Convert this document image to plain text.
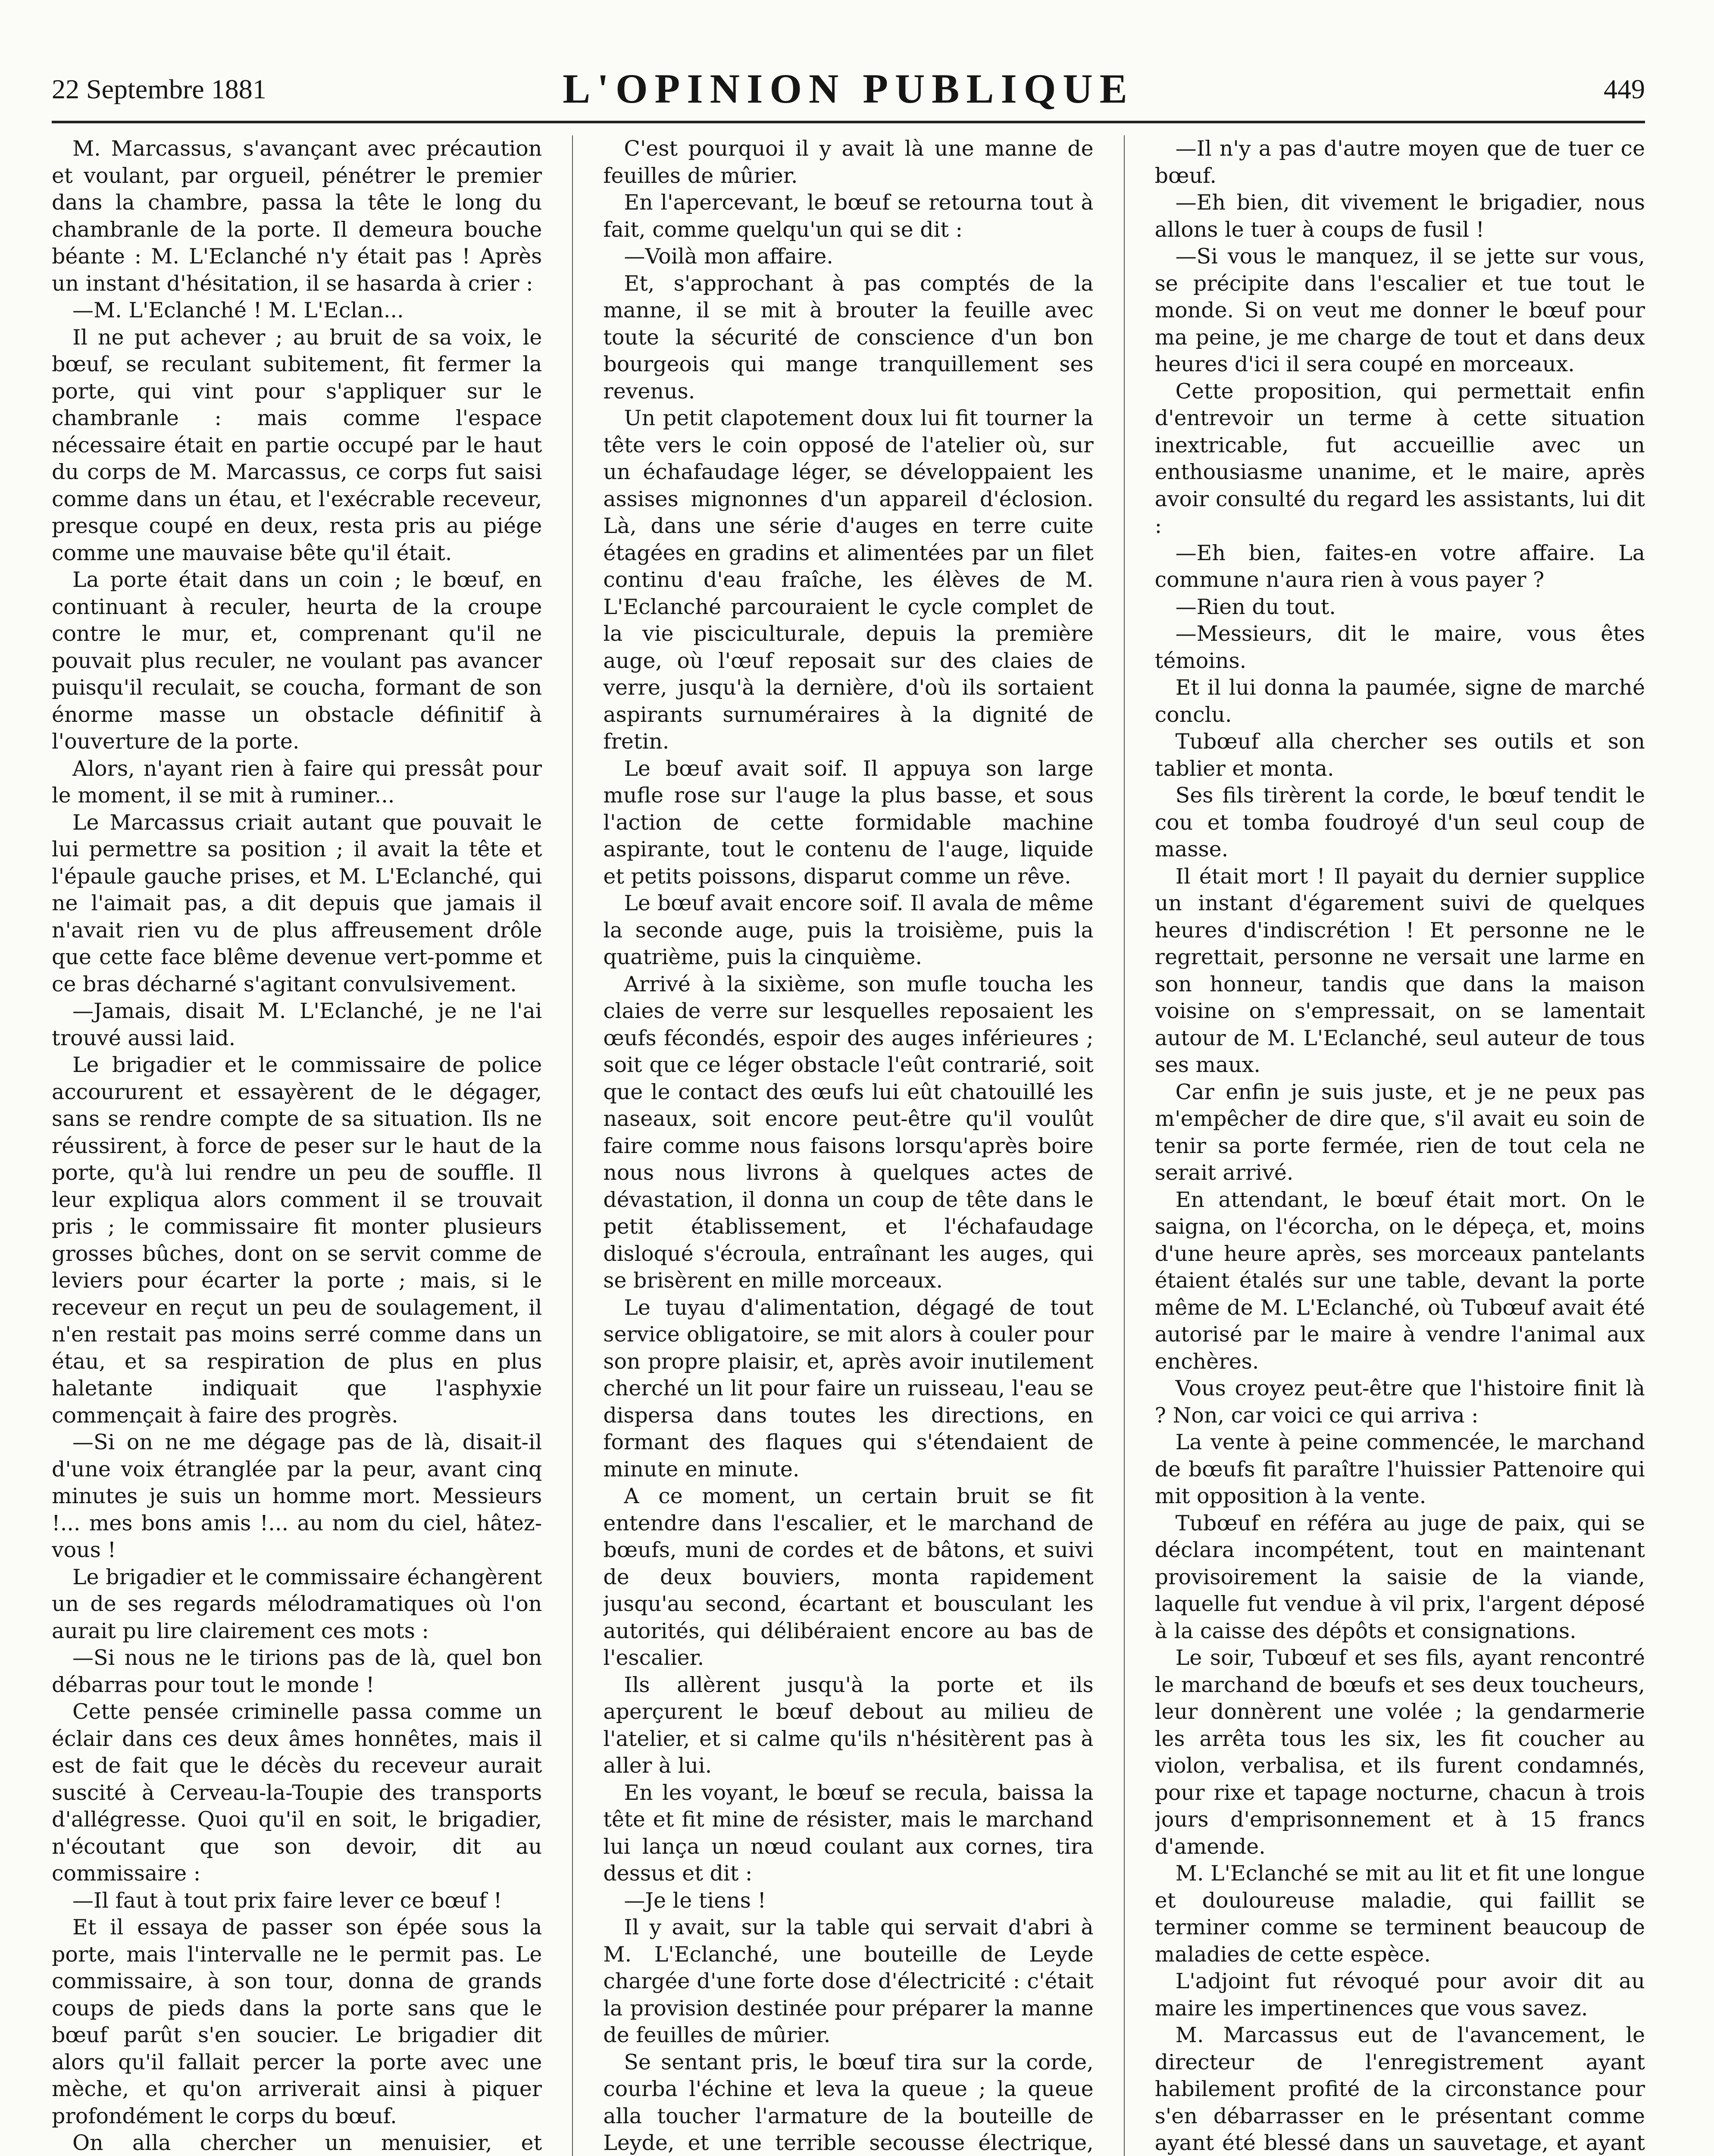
22 Septembre 1881	L'OPINION PUBLIQUE	449

M. Marcassus, s'avançant avec précaution et voulant, par orgueil, pénétrer le premier dans la chambre, passa la tête le long du chambranle de la porte. Il demeura bouche béante : M. L'Eclanché n'y était pas ! Après un instant d'hésitation, il se hasarda à crier :

—M. L'Eclanché ! M. L'Eclan...

Il ne put achever ; au bruit de sa voix, le bœuf, se reculant subitement, fit fermer la porte, qui vint pour s'appliquer sur le chambranle : mais comme l'espace nécessaire était en partie occupé par le haut du corps de M. Marcassus, ce corps fut saisi comme dans un étau, et l'exécrable receveur, presque coupé en deux, resta pris au piége comme une mauvaise bête qu'il était.

La porte était dans un coin ; le bœuf, en continuant à reculer, heurta de la croupe contre le mur, et, comprenant qu'il ne pouvait plus reculer, ne voulant pas avancer puisqu'il reculait, se coucha, formant de son énorme masse un obstacle définitif à l'ouverture de la porte.

Alors, n'ayant rien à faire qui pressât pour le moment, il se mit à ruminer...

Le Marcassus criait autant que pouvait le lui permettre sa position ; il avait la tête et l'épaule gauche prises, et M. L'Eclanché, qui ne l'aimait pas, a dit depuis que jamais il n'avait rien vu de plus affreusement drôle que cette face blême devenue vert-pomme et ce bras décharné s'agitant convulsivement.

—Jamais, disait M. L'Eclanché, je ne l'ai trouvé aussi laid.

Le brigadier et le commissaire de police accoururent et essayèrent de le dégager, sans se rendre compte de sa situation. Ils ne réussirent, à force de peser sur le haut de la porte, qu'à lui rendre un peu de souffle. Il leur expliqua alors comment il se trouvait pris ; le commissaire fit monter plusieurs grosses bûches, dont on se servit comme de leviers pour écarter la porte ; mais, si le receveur en reçut un peu de soulagement, il n'en restait pas moins serré comme dans un étau, et sa respiration de plus en plus haletante indiquait que l'asphyxie commençait à faire des progrès.

—Si on ne me dégage pas de là, disait-il d'une voix étranglée par la peur, avant cinq minutes je suis un homme mort. Messieurs !... mes bons amis !... au nom du ciel, hâtez-vous !

Le brigadier et le commissaire échangèrent un de ses regards mélodramatiques où l'on aurait pu lire clairement ces mots :

—Si nous ne le tirions pas de là, quel bon débarras pour tout le monde !

Cette pensée criminelle passa comme un éclair dans ces deux âmes honnêtes, mais il est de fait que le décès du receveur aurait suscité à Cerveau-la-Toupie des transports d'allégresse. Quoi qu'il en soit, le brigadier, n'écoutant que son devoir, dit au commissaire :

—Il faut à tout prix faire lever ce bœuf !

Et il essaya de passer son épée sous la porte, mais l'intervalle ne le permit pas. Le commissaire, à son tour, donna de grands coups de pieds dans la porte sans que le bœuf parût s'en soucier. Le brigadier dit alors qu'il fallait percer la porte avec une mèche, et qu'on arriverait ainsi à piquer profondément le corps du bœuf.

On alla chercher un menuisier, et

C'est pourquoi il y avait là une manne de feuilles de mûrier.

En l'apercevant, le bœuf se retourna tout à fait, comme quelqu'un qui se dit :

—Voilà mon affaire.

Et, s'approchant à pas comptés de la manne, il se mit à brouter la feuille avec toute la sécurité de conscience d'un bon bourgeois qui mange tranquillement ses revenus.

Un petit clapotement doux lui fit tourner la tête vers le coin opposé de l'atelier où, sur un échafaudage léger, se développaient les assises mignonnes d'un appareil d'éclosion. Là, dans une série d'auges en terre cuite étagées en gradins et alimentées par un filet continu d'eau fraîche, les élèves de M. L'Eclanché parcouraient le cycle complet de la vie pisciculturale, depuis la première auge, où l'œuf reposait sur des claies de verre, jusqu'à la dernière, d'où ils sortaient aspirants surnuméraires à la dignité de fretin.

Le bœuf avait soif. Il appuya son large mufle rose sur l'auge la plus basse, et sous l'action de cette formidable machine aspirante, tout le contenu de l'auge, liquide et petits poissons, disparut comme un rêve.

Le bœuf avait encore soif. Il avala de même la seconde auge, puis la troisième, puis la quatrième, puis la cinquième.

Arrivé à la sixième, son mufle toucha les claies de verre sur lesquelles reposaient les œufs fécondés, espoir des auges inférieures ; soit que ce léger obstacle l'eût contrarié, soit que le contact des œufs lui eût chatouillé les naseaux, soit encore peut-être qu'il voulût faire comme nous faisons lorsqu'après boire nous nous livrons à quelques actes de dévastation, il donna un coup de tête dans le petit établissement, et l'échafaudage disloqué s'écroula, entraînant les auges, qui se brisèrent en mille morceaux.

Le tuyau d'alimentation, dégagé de tout service obligatoire, se mit alors à couler pour son propre plaisir, et, après avoir inutilement cherché un lit pour faire un ruisseau, l'eau se dispersa dans toutes les directions, en formant des flaques qui s'étendaient de minute en minute.

A ce moment, un certain bruit se fit entendre dans l'escalier, et le marchand de bœufs, muni de cordes et de bâtons, et suivi de deux bouviers, monta rapidement jusqu'au second, écartant et bousculant les autorités, qui délibéraient encore au bas de l'escalier.

Ils allèrent jusqu'à la porte et ils aperçurent le bœuf debout au milieu de l'atelier, et si calme qu'ils n'hésitèrent pas à aller à lui.

En les voyant, le bœuf se recula, baissa la tête et fit mine de résister, mais le marchand lui lança un nœud coulant aux cornes, tira dessus et dit :

—Je le tiens !

Il y avait, sur la table qui servait d'abri à M. L'Eclanché, une bouteille de Leyde chargée d'une forte dose d'électricité : c'était la provision destinée pour préparer la manne de feuilles de mûrier.

Se sentant pris, le bœuf tira sur la corde, courba l'échine et leva la queue ; la queue alla toucher l'armature de la bouteille de Leyde, et une terrible secousse électrique,

—Il n'y a pas d'autre moyen que de tuer ce bœuf.

—Eh bien, dit vivement le brigadier, nous allons le tuer à coups de fusil !

—Si vous le manquez, il se jette sur vous, se précipite dans l'escalier et tue tout le monde. Si on veut me donner le bœuf pour ma peine, je me charge de tout et dans deux heures d'ici il sera coupé en morceaux.

Cette proposition, qui permettait enfin d'entrevoir un terme à cette situation inextricable, fut accueillie avec un enthousiasme unanime, et le maire, après avoir consulté du regard les assistants, lui dit :

—Eh bien, faites-en votre affaire. La commune n'aura rien à vous payer ?

—Rien du tout.

—Messieurs, dit le maire, vous êtes témoins.

Et il lui donna la paumée, signe de marché conclu.

Tubœuf alla chercher ses outils et son tablier et monta.

Ses fils tirèrent la corde, le bœuf tendit le cou et tomba foudroyé d'un seul coup de masse.

Il était mort ! Il payait du dernier supplice un instant d'égarement suivi de quelques heures d'indiscrétion ! Et personne ne le regrettait, personne ne versait une larme en son honneur, tandis que dans la maison voisine on s'empressait, on se lamentait autour de M. L'Eclanché, seul auteur de tous ses maux.

Car enfin je suis juste, et je ne peux pas m'empêcher de dire que, s'il avait eu soin de tenir sa porte fermée, rien de tout cela ne serait arrivé.

En attendant, le bœuf était mort. On le saigna, on l'écorcha, on le dépeça, et, moins d'une heure après, ses morceaux pantelants étaient étalés sur une table, devant la porte même de M. L'Eclanché, où Tubœuf avait été autorisé par le maire à vendre l'animal aux enchères.

Vous croyez peut-être que l'histoire finit là ? Non, car voici ce qui arriva :

La vente à peine commencée, le marchand de bœufs fit paraître l'huissier Pattenoire qui mit opposition à la vente.

Tubœuf en référa au juge de paix, qui se déclara incompétent, tout en maintenant provisoirement la saisie de la viande, laquelle fut vendue à vil prix, l'argent déposé à la caisse des dépôts et consignations.

Le soir, Tubœuf et ses fils, ayant rencontré le marchand de bœufs et ses deux toucheurs, leur donnèrent une volée ; la gendarmerie les arrêta tous les six, les fit coucher au violon, verbalisa, et ils furent condamnés, pour rixe et tapage nocturne, chacun à trois jours d'emprisonnement et à 15 francs d'amende.

M. L'Eclanché se mit au lit et fit une longue et douloureuse maladie, qui faillit se terminer comme se terminent beaucoup de maladies de cette espèce.

L'adjoint fut révoqué pour avoir dit au maire les impertinences que vous savez.

M. Marcassus eut de l'avancement, le directeur de l'enregistrement ayant habilement profité de la circonstance pour s'en débarrasser en le présentant comme ayant été blessé dans un sauvetage, et ayant
